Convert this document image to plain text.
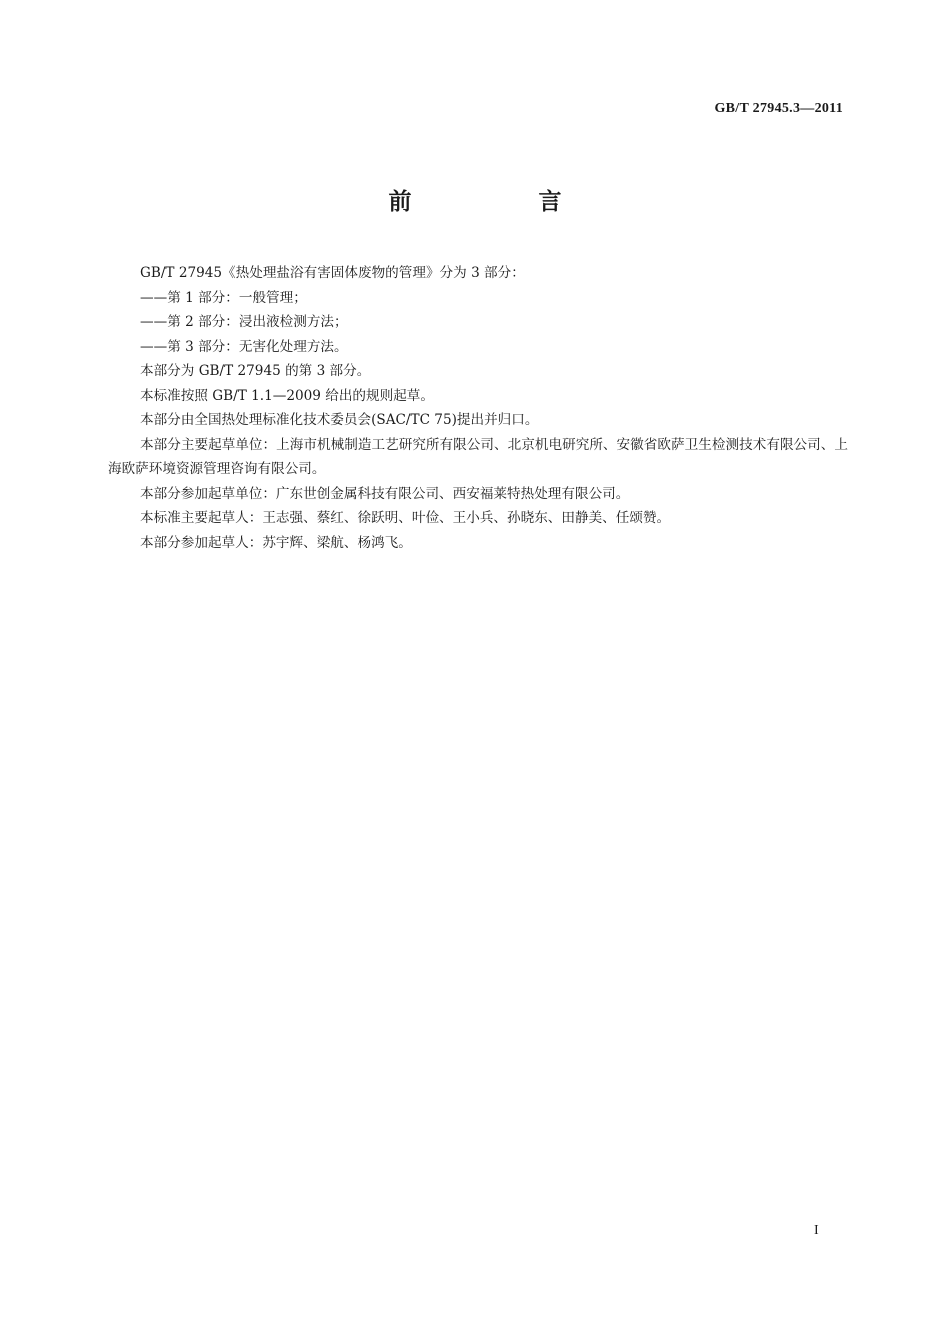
GB/T 27945.3—2011
前　言

GB/T 27945《热处理盐浴有害固体废物的管理》分为 3 部分：

——第 1 部分：一般管理；

——第 2 部分：浸出液检测方法；

——第 3 部分：无害化处理方法。

本部分为 GB/T 27945 的第 3 部分。

本标准按照 GB/T 1.1—2009 给出的规则起草。

本部分由全国热处理标准化技术委员会(SAC/TC 75)提出并归口。

本部分主要起草单位：上海市机械制造工艺研究所有限公司、北京机电研究所、安徽省欧萨卫生检测技术有限公司、上海欧萨环境资源管理咨询有限公司。

本部分参加起草单位：广东世创金属科技有限公司、西安福莱特热处理有限公司。

本标准主要起草人：王志强、蔡红、徐跃明、叶俭、王小兵、孙晓东、田静美、任颂赞。

本部分参加起草人：苏宇辉、梁航、杨鸿飞。

I
